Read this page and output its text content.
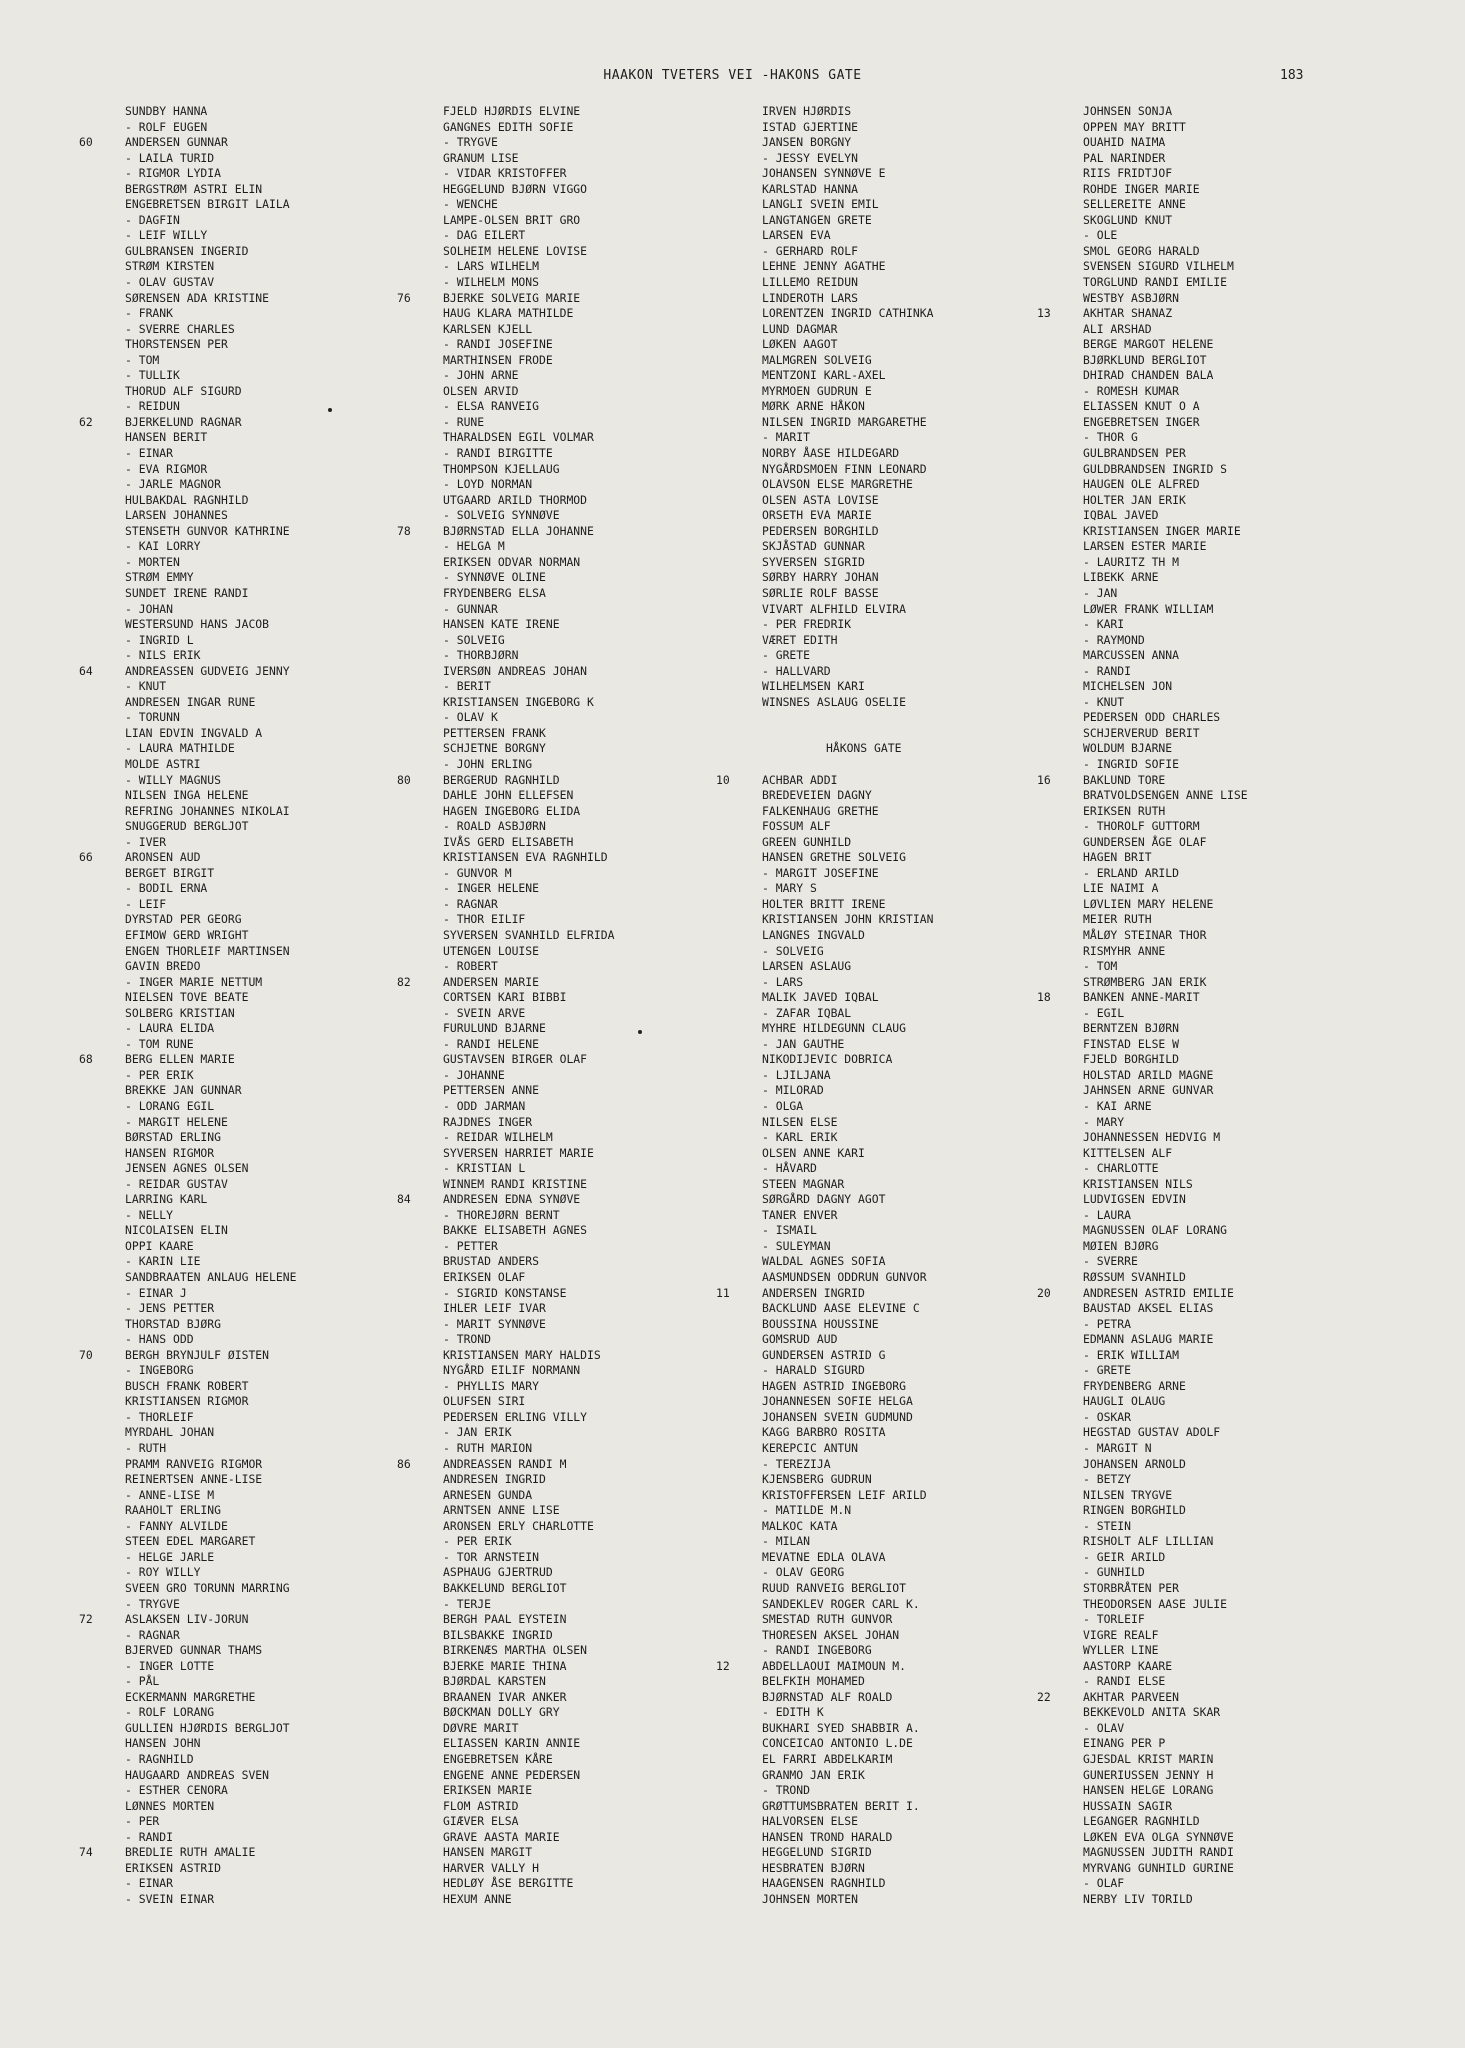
HAAKON TVETERS VEI -HAKONS GATE	183
SUNDBY HANNA
- ROLF EUGEN
60	ANDERSEN GUNNAR
- LAILA TURID
- RIGMOR LYDIA
BERGSTRØM ASTRI ELIN
ENGEBRETSEN BIRGIT LAILA
- DAGFIN
- LEIF WILLY
GULBRANSEN INGERID
STRØM KIRSTEN
- OLAV GUSTAV
SØRENSEN ADA KRISTINE
- FRANK
- SVERRE CHARLES
THORSTENSEN PER
- TOM
- TULLIK
THORUD ALF SIGURD
- REIDUN
62	BJERKELUND RAGNAR
HANSEN BERIT
- EINAR
- EVA RIGMOR
- JARLE MAGNOR
HULBAKDAL RAGNHILD
LARSEN JOHANNES
STENSETH GUNVOR KATHRINE
- KAI LORRY
- MORTEN
STRØM EMMY
SUNDET IRENE RANDI
- JOHAN
WESTERSUND HANS JACOB
- INGRID L
- NILS ERIK
64	ANDREASSEN GUDVEIG JENNY
- KNUT
ANDRESEN INGAR RUNE
- TORUNN
LIAN EDVIN INGVALD A
- LAURA MATHILDE
MOLDE ASTRI
- WILLY MAGNUS
NILSEN INGA HELENE
REFRING JOHANNES NIKOLAI
SNUGGERUD BERGLJOT
- IVER
66	ARONSEN AUD
BERGET BIRGIT
- BODIL ERNA
- LEIF
DYRSTAD PER GEORG
EFIMOW GERD WRIGHT
ENGEN THORLEIF MARTINSEN
GAVIN BREDO
- INGER MARIE NETTUM
NIELSEN TOVE BEATE
SOLBERG KRISTIAN
- LAURA ELIDA
- TOM RUNE
68	BERG ELLEN MARIE
- PER ERIK
BREKKE JAN GUNNAR
- LORANG EGIL
- MARGIT HELENE
BØRSTAD ERLING
HANSEN RIGMOR
JENSEN AGNES OLSEN
- REIDAR GUSTAV
LARRING KARL
- NELLY
NICOLAISEN ELIN
OPPI KAARE
- KARIN LIE
SANDBRAATEN ANLAUG HELENE
- EINAR J
- JENS PETTER
THORSTAD BJØRG
- HANS ODD
70	BERGH BRYNJULF ØISTEN
- INGEBORG
BUSCH FRANK ROBERT
KRISTIANSEN RIGMOR
- THORLEIF
MYRDAHL JOHAN
- RUTH
PRAMM RANVEIG RIGMOR
REINERTSEN ANNE-LISE
- ANNE-LISE M
RAAHOLT ERLING
- FANNY ALVILDE
STEEN EDEL MARGARET
- HELGE JARLE
- ROY WILLY
SVEEN GRO TORUNN MARRING
- TRYGVE
72	ASLAKSEN LIV-JORUN
- RAGNAR
BJERVED GUNNAR THAMS
- INGER LOTTE
- PÅL
ECKERMANN MARGRETHE
- ROLF LORANG
GULLIEN HJØRDIS BERGLJOT
HANSEN JOHN
- RAGNHILD
HAUGAARD ANDREAS SVEN
- ESTHER CENORA
LØNNES MORTEN
- PER
- RANDI
74	BREDLIE RUTH AMALIE
ERIKSEN ASTRID
- EINAR
- SVEIN EINAR
FJELD HJØRDIS ELVINE
GANGNES EDITH SOFIE
- TRYGVE
GRANUM LISE
- VIDAR KRISTOFFER
HEGGELUND BJØRN VIGGO
- WENCHE
LAMPE-OLSEN BRIT GRO
- DAG EILERT
SOLHEIM HELENE LOVISE
- LARS WILHELM
- WILHELM MONS
76	BJERKE SOLVEIG MARIE
HAUG KLARA MATHILDE
KARLSEN KJELL
- RANDI JOSEFINE
MARTHINSEN FRODE
- JOHN ARNE
OLSEN ARVID
- ELSA RANVEIG
- RUNE
THARALDSEN EGIL VOLMAR
- RANDI BIRGITTE
THOMPSON KJELLAUG
- LOYD NORMAN
UTGAARD ARILD THORMOD
- SOLVEIG SYNNØVE
78	BJØRNSTAD ELLA JOHANNE
- HELGA M
ERIKSEN ODVAR NORMAN
- SYNNØVE OLINE
FRYDENBERG ELSA
- GUNNAR
HANSEN KATE IRENE
- SOLVEIG
- THORBJØRN
IVERSØN ANDREAS JOHAN
- BERIT
KRISTIANSEN INGEBORG K
- OLAV K
PETTERSEN FRANK
SCHJETNE BORGNY
- JOHN ERLING
80	BERGERUD RAGNHILD
DAHLE JOHN ELLEFSEN
HAGEN INGEBORG ELIDA
- ROALD ASBJØRN
IVÅS GERD ELISABETH
KRISTIANSEN EVA RAGNHILD
- GUNVOR M
- INGER HELENE
- RAGNAR
- THOR EILIF
SYVERSEN SVANHILD ELFRIDA
UTENGEN LOUISE
- ROBERT
82	ANDERSEN MARIE
CORTSEN KARI BIBBI
- SVEIN ARVE
FURULUND BJARNE
- RANDI HELENE
GUSTAVSEN BIRGER OLAF
- JOHANNE
PETTERSEN ANNE
- ODD JARMAN
RAJDNES INGER
- REIDAR WILHELM
SYVERSEN HARRIET MARIE
- KRISTIAN L
WINNEM RANDI KRISTINE
84	ANDRESEN EDNA SYNØVE
- THOREJØRN BERNT
BAKKE ELISABETH AGNES
- PETTER
BRUSTAD ANDERS
ERIKSEN OLAF
- SIGRID KONSTANSE
IHLER LEIF IVAR
- MARIT SYNNØVE
- TROND
KRISTIANSEN MARY HALDIS
NYGÅRD EILIF NORMANN
- PHYLLIS MARY
OLUFSEN SIRI
PEDERSEN ERLING VILLY
- JAN ERIK
- RUTH MARION
86	ANDREASSEN RANDI M
ANDRESEN INGRID
ARNESEN GUNDA
ARNTSEN ANNE LISE
ARONSEN ERLY CHARLOTTE
- PER ERIK
- TOR ARNSTEIN
ASPHAUG GJERTRUD
BAKKELUND BERGLIOT
- TERJE
BERGH PAAL EYSTEIN
BILSBAKKE INGRID
BIRKENÆS MARTHA OLSEN
BJERKE MARIE THINA
BJØRDAL KARSTEN
BRAANEN IVAR ANKER
BØCKMAN DOLLY GRY
DØVRE MARIT
ELIASSEN KARIN ANNIE
ENGEBRETSEN KÅRE
ENGENE ANNE PEDERSEN
ERIKSEN MARIE
FLOM ASTRID
GIÆVER ELSA
GRAVE AASTA MARIE
HANSEN MARGIT
HARVER VALLY H
HEDLØY ÅSE BERGITTE
HEXUM ANNE
IRVEN HJØRDIS
ISTAD GJERTINE
JANSEN BORGNY
- JESSY EVELYN
JOHANSEN SYNNØVE E
KARLSTAD HANNA
LANGLI SVEIN EMIL
LANGTANGEN GRETE
LARSEN EVA
- GERHARD ROLF
LEHNE JENNY AGATHE
LILLEMO REIDUN
LINDEROTH LARS
LORENTZEN INGRID CATHINKA
LUND DAGMAR
LØKEN AAGOT
MALMGREN SOLVEIG
MENTZONI KARL-AXEL
MYRMOEN GUDRUN E
MØRK ARNE HÅKON
NILSEN INGRID MARGARETHE
- MARIT
NORBY ÅASE HILDEGARD
NYGÅRDSMOEN FINN LEONARD
OLAVSON ELSE MARGRETHE
OLSEN ASTA LOVISE
ORSETH EVA MARIE
PEDERSEN BORGHILD
SKJÅSTAD GUNNAR
SYVERSEN SIGRID
SØRBY HARRY JOHAN
SØRLIE ROLF BASSE
VIVART ALFHILD ELVIRA
- PER FREDRIK
VÆRET EDITH
- GRETE
- HALLVARD
WILHELMSEN KARI
WINSNES ASLAUG OSELIE
HÅKONS GATE
10	ACHBAR ADDI
BREDEVEIEN DAGNY
FALKENHAUG GRETHE
FOSSUM ALF
GREEN GUNHILD
HANSEN GRETHE SOLVEIG
- MARGIT JOSEFINE
- MARY S
HOLTER BRITT IRENE
KRISTIANSEN JOHN KRISTIAN
LANGNES INGVALD
- SOLVEIG
LARSEN ASLAUG
- LARS
MALIK JAVED IQBAL
- ZAFAR IQBAL
MYHRE HILDEGUNN CLAUG
- JAN GAUTHE
NIKODIJEVIC DOBRICA
- LJILJANA
- MILORAD
- OLGA
NILSEN ELSE
- KARL ERIK
OLSEN ANNE KARI
- HÅVARD
STEEN MAGNAR
SØRGÅRD DAGNY AGOT
TANER ENVER
- ISMAIL
- SULEYMAN
WALDAL AGNES SOFIA
AASMUNDSEN ODDRUN GUNVOR
11	ANDERSEN INGRID
BACKLUND AASE ELEVINE C
BOUSSINA HOUSSINE
GOMSRUD AUD
GUNDERSEN ASTRID G
- HARALD SIGURD
HAGEN ASTRID INGEBORG
JOHANNESEN SOFIE HELGA
JOHANSEN SVEIN GUDMUND
KAGG BARBRO ROSITA
KEREPCIC ANTUN
- TEREZIJA
KJENSBERG GUDRUN
KRISTOFFERSEN LEIF ARILD
- MATILDE M.N
MALKOC KATA
- MILAN
MEVATNE EDLA OLAVA
- OLAV GEORG
RUUD RANVEIG BERGLIOT
SANDEKLEV ROGER CARL K.
SMESTAD RUTH GUNVOR
THORESEN AKSEL JOHAN
- RANDI INGEBORG
12	ABDELLAOUI MAIMOUN M.
BELFKIH MOHAMED
BJØRNSTAD ALF ROALD
- EDITH K
BUKHARI SYED SHABBIR A.
CONCEICAO ANTONIO L.DE
EL FARRI ABDELKARIM
GRANMO JAN ERIK
- TROND
GRØTTUMSBRATEN BERIT I.
HALVORSEN ELSE
HANSEN TROND HARALD
HEGGELUND SIGRID
HESBRATEN BJØRN
HAAGENSEN RAGNHILD
JOHNSEN MORTEN
JOHNSEN SONJA
OPPEN MAY BRITT
OUAHID NAIMA
PAL NARINDER
RIIS FRIDTJOF
ROHDE INGER MARIE
SELLEREITE ANNE
SKOGLUND KNUT
- OLE
SMOL GEORG HARALD
SVENSEN SIGURD VILHELM
TORGLUND RANDI EMILIE
WESTBY ASBJØRN
13	AKHTAR SHANAZ
ALI ARSHAD
BERGE MARGOT HELENE
BJØRKLUND BERGLIOT
DHIRAD CHANDEN BALA
- ROMESH KUMAR
ELIASSEN KNUT O A
ENGEBRETSEN INGER
- THOR G
GULBRANDSEN PER
GULDBRANDSEN INGRID S
HAUGEN OLE ALFRED
HOLTER JAN ERIK
IQBAL JAVED
KRISTIANSEN INGER MARIE
LARSEN ESTER MARIE
- LAURITZ TH M
LIBEKK ARNE
- JAN
LØWER FRANK WILLIAM
- KARI
- RAYMOND
MARCUSSEN ANNA
- RANDI
MICHELSEN JON
- KNUT
PEDERSEN ODD CHARLES
SCHJERVERUD BERIT
WOLDUM BJARNE
- INGRID SOFIE
16	BAKLUND TORE
BRATVOLDSENGEN ANNE LISE
ERIKSEN RUTH
- THOROLF GUTTORM
GUNDERSEN ÅGE OLAF
HAGEN BRIT
- ERLAND ARILD
LIE NAIMI A
LØVLIEN MARY HELENE
MEIER RUTH
MÅLØY STEINAR THOR
RISMYHR ANNE
- TOM
STRØMBERG JAN ERIK
18	BANKEN ANNE-MARIT
- EGIL
BERNTZEN BJØRN
FINSTAD ELSE W
FJELD BORGHILD
HOLSTAD ARILD MAGNE
JAHNSEN ARNE GUNVAR
- KAI ARNE
- MARY
JOHANNESSEN HEDVIG M
KITTELSEN ALF
- CHARLOTTE
KRISTIANSEN NILS
LUDVIGSEN EDVIN
- LAURA
MAGNUSSEN OLAF LORANG
MØIEN BJØRG
- SVERRE
RØSSUM SVANHILD
20	ANDRESEN ASTRID EMILIE
BAUSTAD AKSEL ELIAS
- PETRA
EDMANN ASLAUG MARIE
- ERIK WILLIAM
- GRETE
FRYDENBERG ARNE
HAUGLI OLAUG
- OSKAR
HEGSTAD GUSTAV ADOLF
- MARGIT N
JOHANSEN ARNOLD
- BETZY
NILSEN TRYGVE
RINGEN BORGHILD
- STEIN
RISHOLT ALF LILLIAN
- GEIR ARILD
- GUNHILD
STORBRÅTEN PER
THEODORSEN AASE JULIE
- TORLEIF
VIGRE REALF
WYLLER LINE
AASTORP KAARE
- RANDI ELSE
22	AKHTAR PARVEEN
BEKKEVOLD ANITA SKAR
- OLAV
EINANG PER P
GJESDAL KRIST MARIN
GUNERIUSSEN JENNY H
HANSEN HELGE LORANG
HUSSAIN SAGIR
LEGANGER RAGNHILD
LØKEN EVA OLGA SYNNØVE
MAGNUSSEN JUDITH RANDI
MYRVANG GUNHILD GURINE
- OLAF
NERBY LIV TORILD
